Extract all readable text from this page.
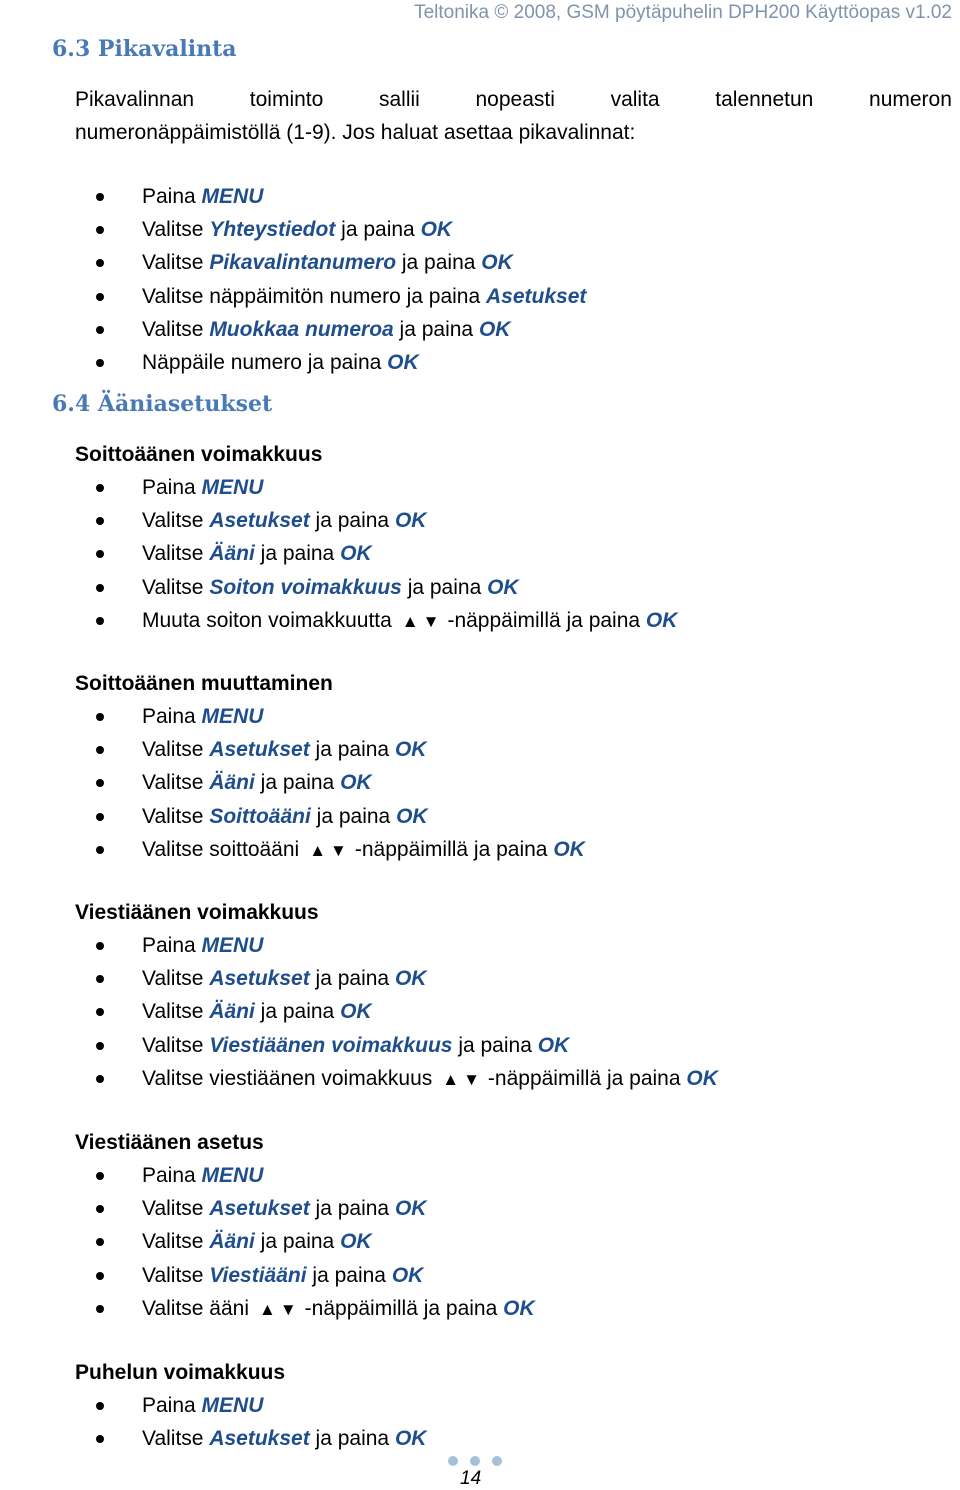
Teltonika © 2008, GSM pöytäpuhelin DPH200 Käyttöopas v1.02
6.3 Pikavalinta
Pikavalinnan	toiminto	sallii	nopeasti	valita	talennetun	numeron
numeronäppäimistöllä (1-9). Jos haluat asettaa pikavalinnat:
Paina MENU
Valitse Yhteystiedot ja paina OK
Valitse Pikavalintanumero ja paina OK
Valitse näppäimitön numero ja paina Asetukset
Valitse Muokkaa numeroa ja paina OK
Näppäile numero ja paina OK
6.4 Ääniasetukset
Soittoäänen voimakkuus
Paina MENU
Valitse Asetukset ja paina OK
Valitse Ääni ja paina OK
Valitse Soiton voimakkuus ja paina OK
Muuta soiton voimakkuutta ▲▼ -näppäimillä ja paina OK
Soittoäänen muuttaminen
Paina MENU
Valitse Asetukset ja paina OK
Valitse Ääni ja paina OK
Valitse Soittoääni ja paina OK
Valitse soittoääni ▲▼ -näppäimillä ja paina OK
Viestiäänen voimakkuus
Paina MENU
Valitse Asetukset ja paina OK
Valitse Ääni ja paina OK
Valitse Viestiäänen voimakkuus ja paina OK
Valitse viestiäänen voimakkuus ▲▼ -näppäimillä ja paina OK
Viestiäänen asetus
Paina MENU
Valitse Asetukset ja paina OK
Valitse Ääni ja paina OK
Valitse Viestiääni ja paina OK
Valitse ääni ▲▼ -näppäimillä ja paina OK
Puhelun voimakkuus
Paina MENU
Valitse Asetukset ja paina OK
14
